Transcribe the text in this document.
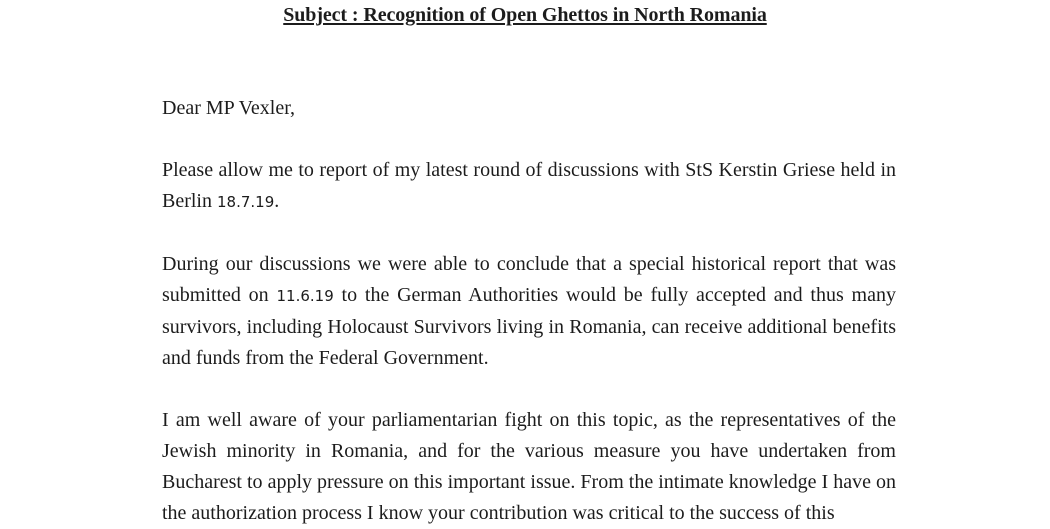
Subject : Recognition of Open Ghettos in North Romania
Dear MP Vexler,

Please allow me to report of my latest round of discussions with StS Kerstin Griese held in Berlin 18.7.19.

During our discussions we were able to conclude that a special historical report that was submitted on 11.6.19 to the German Authorities would be fully accepted and thus many survivors, including Holocaust Survivors living in Romania, can receive additional benefits and funds from the Federal Government.

I am well aware of your parliamentarian fight on this topic, as the representatives of the Jewish minority in Romania, and for the various measure you have undertaken from Bucharest to apply pressure on this important issue. From the intimate knowledge I have on the authorization process I know your contribution was critical to the success of this
